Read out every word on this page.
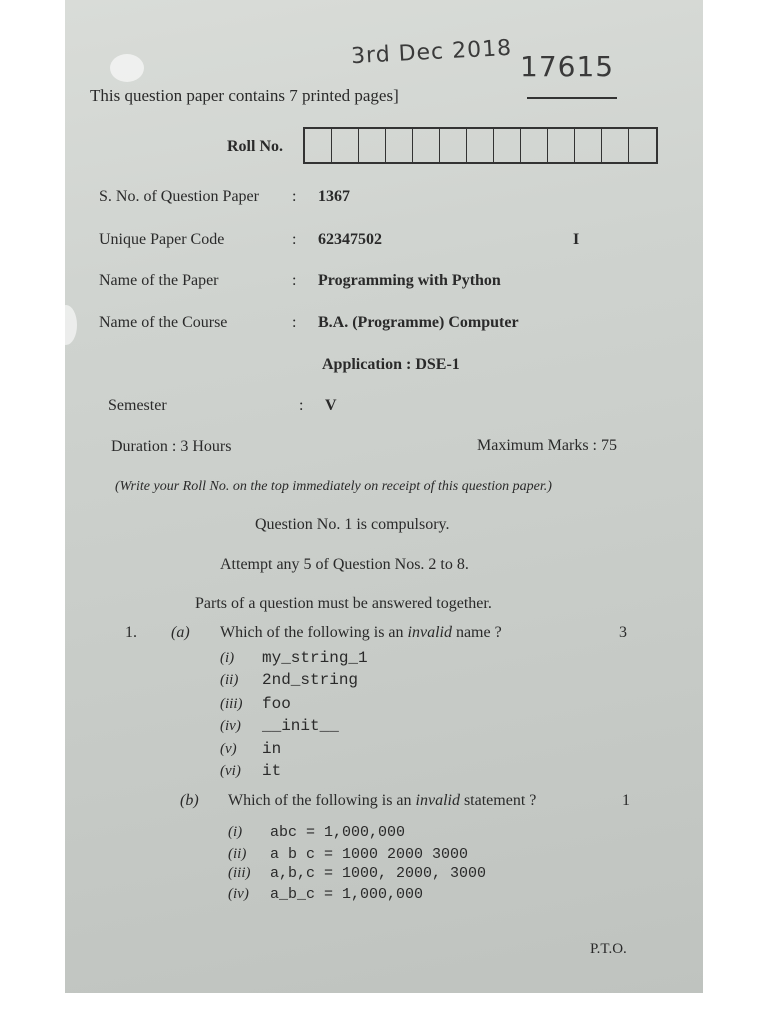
3rd Dec 2018 17615
This question paper contains 7 printed pages]
Roll No.
S. No. of Question Paper : 1367
Unique Paper Code	: 62347502	I
Name of the Paper	: Programming with Python
Name of the Course	: B.A. (Programme) Computer
Application : DSE-1
Semester	: V
Duration : 3 Hours	Maximum Marks : 75
(Write your Roll No. on the top immediately on receipt of this question paper.)
Question No. 1 is compulsory.
Attempt any 5 of Question Nos. 2 to 8.
Parts of a question must be answered together.
1. (a) Which of the following is an invalid name ?	3
(i) my_string_1
(ii) 2nd_string
(iii) foo
(iv) __init__
(v) in
(vi) it
(b) Which of the following is an invalid statement ?	1
(i) abc = 1,000,000
(ii) a b c = 1000 2000 3000
(iii) a,b,c = 1000, 2000, 3000
(iv) a_b_c = 1,000,000
P.T.O.
